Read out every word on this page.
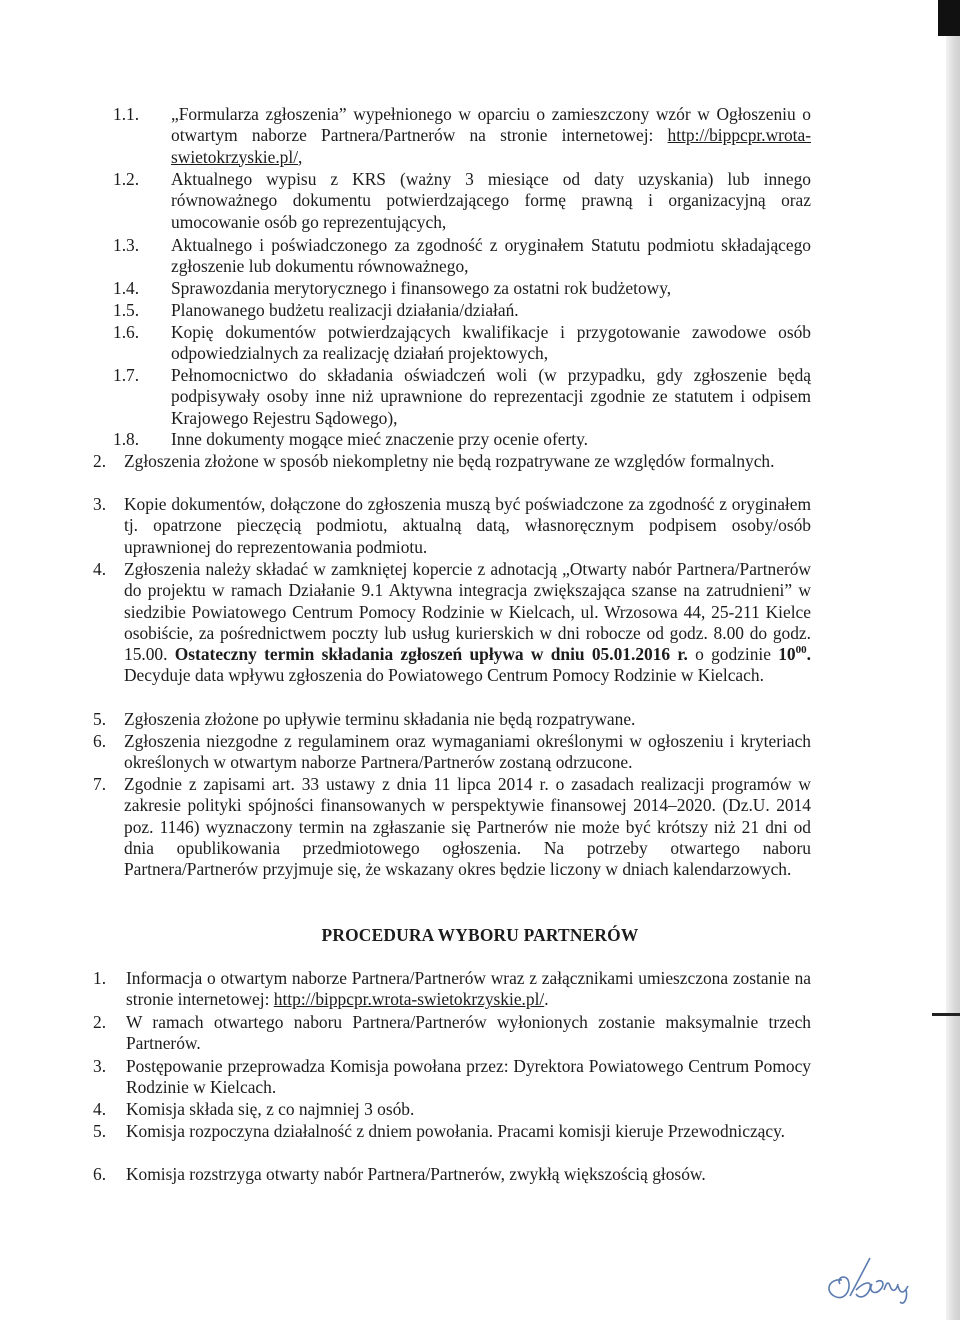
1.1. „Formularza zgłoszenia” wypełnionego w oparciu o zamieszczony wzór w Ogłoszeniu o otwartym naborze Partnera/Partnerów na stronie internetowej: http://bippcpr.wrota-swietokrzyskie.pl/,
1.2. Aktualnego wypisu z KRS (ważny 3 miesiące od daty uzyskania) lub innego równoważnego dokumentu potwierdzającego formę prawną i organizacyjną oraz umocowanie osób go reprezentujących,
1.3. Aktualnego i poświadczonego za zgodność z oryginałem Statutu podmiotu składającego zgłoszenie lub dokumentu równoważnego,
1.4. Sprawozdania merytorycznego i finansowego za ostatni rok budżetowy,
1.5. Planowanego budżetu realizacji działania/działań.
1.6. Kopię dokumentów potwierdzających kwalifikacje i przygotowanie zawodowe osób odpowiedzialnych za realizację działań projektowych,
1.7. Pełnomocnictwo do składania oświadczeń woli (w przypadku, gdy zgłoszenie będą podpisywały osoby inne niż uprawnione do reprezentacji zgodnie ze statutem i odpisem Krajowego Rejestru Sądowego),
1.8. Inne dokumenty mogące mieć znaczenie przy ocenie oferty.
2. Zgłoszenia złożone w sposób niekompletny nie będą rozpatrywane ze względów formalnych.
3. Kopie dokumentów, dołączone do zgłoszenia muszą być poświadczone za zgodność z oryginałem tj. opatrzone pieczęcią podmiotu, aktualną datą, własnoręcznym podpisem osoby/osób uprawnionej do reprezentowania podmiotu.
4. Zgłoszenia należy składać w zamkniętej kopercie z adnotacją „Otwarty nabór Partnera/Partnerów do projektu w ramach Działanie 9.1 Aktywna integracja zwiększająca szanse na zatrudnieni” w siedzibie Powiatowego Centrum Pomocy Rodzinie w Kielcach, ul. Wrzosowa 44, 25-211 Kielce osobiście, za pośrednictwem poczty lub usług kurierskich w dni robocze od godz. 8.00 do godz. 15.00. Ostateczny termin składania zgłoszeń upływa w dniu 05.01.2016 r. o godzinie $10^{00}$. Decyduje data wpływu zgłoszenia do Powiatowego Centrum Pomocy Rodzinie w Kielcach.
5. Zgłoszenia złożone po upływie terminu składania nie będą rozpatrywane.
6. Zgłoszenia niezgodne z regulaminem oraz wymaganiami określonymi w ogłoszeniu i kryteriach określonych w otwartym naborze Partnera/Partnerów zostaną odrzucone.
7. Zgodnie z zapisami art. 33 ustawy z dnia 11 lipca 2014 r. o zasadach realizacji programów w zakresie polityki spójności finansowanych w perspektywie finansowej 2014–2020. (Dz.U. 2014 poz. 1146) wyznaczony termin na zgłaszanie się Partnerów nie może być krótszy niż 21 dni od dnia opublikowania przedmiotowego ogłoszenia. Na potrzeby otwartego naboru Partnera/Partnerów przyjmuje się, że wskazany okres będzie liczony w dniach kalendarzowych.
PROCEDURA WYBORU PARTNERÓW
1. Informacja o otwartym naborze Partnera/Partnerów wraz z załącznikami umieszczona zostanie na stronie internetowej: http://bippcpr.wrota-swietokrzyskie.pl/.
2. W ramach otwartego naboru Partnera/Partnerów wyłonionych zostanie maksymalnie trzech Partnerów.
3. Postępowanie przeprowadza Komisja powołana przez: Dyrektora Powiatowego Centrum Pomocy Rodzinie w Kielcach.
4. Komisja składa się, z co najmniej 3 osób.
5. Komisja rozpoczyna działalność z dniem powołania. Pracami komisji kieruje Przewodniczący.
6. Komisja rozstrzyga otwarty nabór Partnera/Partnerów, zwykłą większością głosów.
